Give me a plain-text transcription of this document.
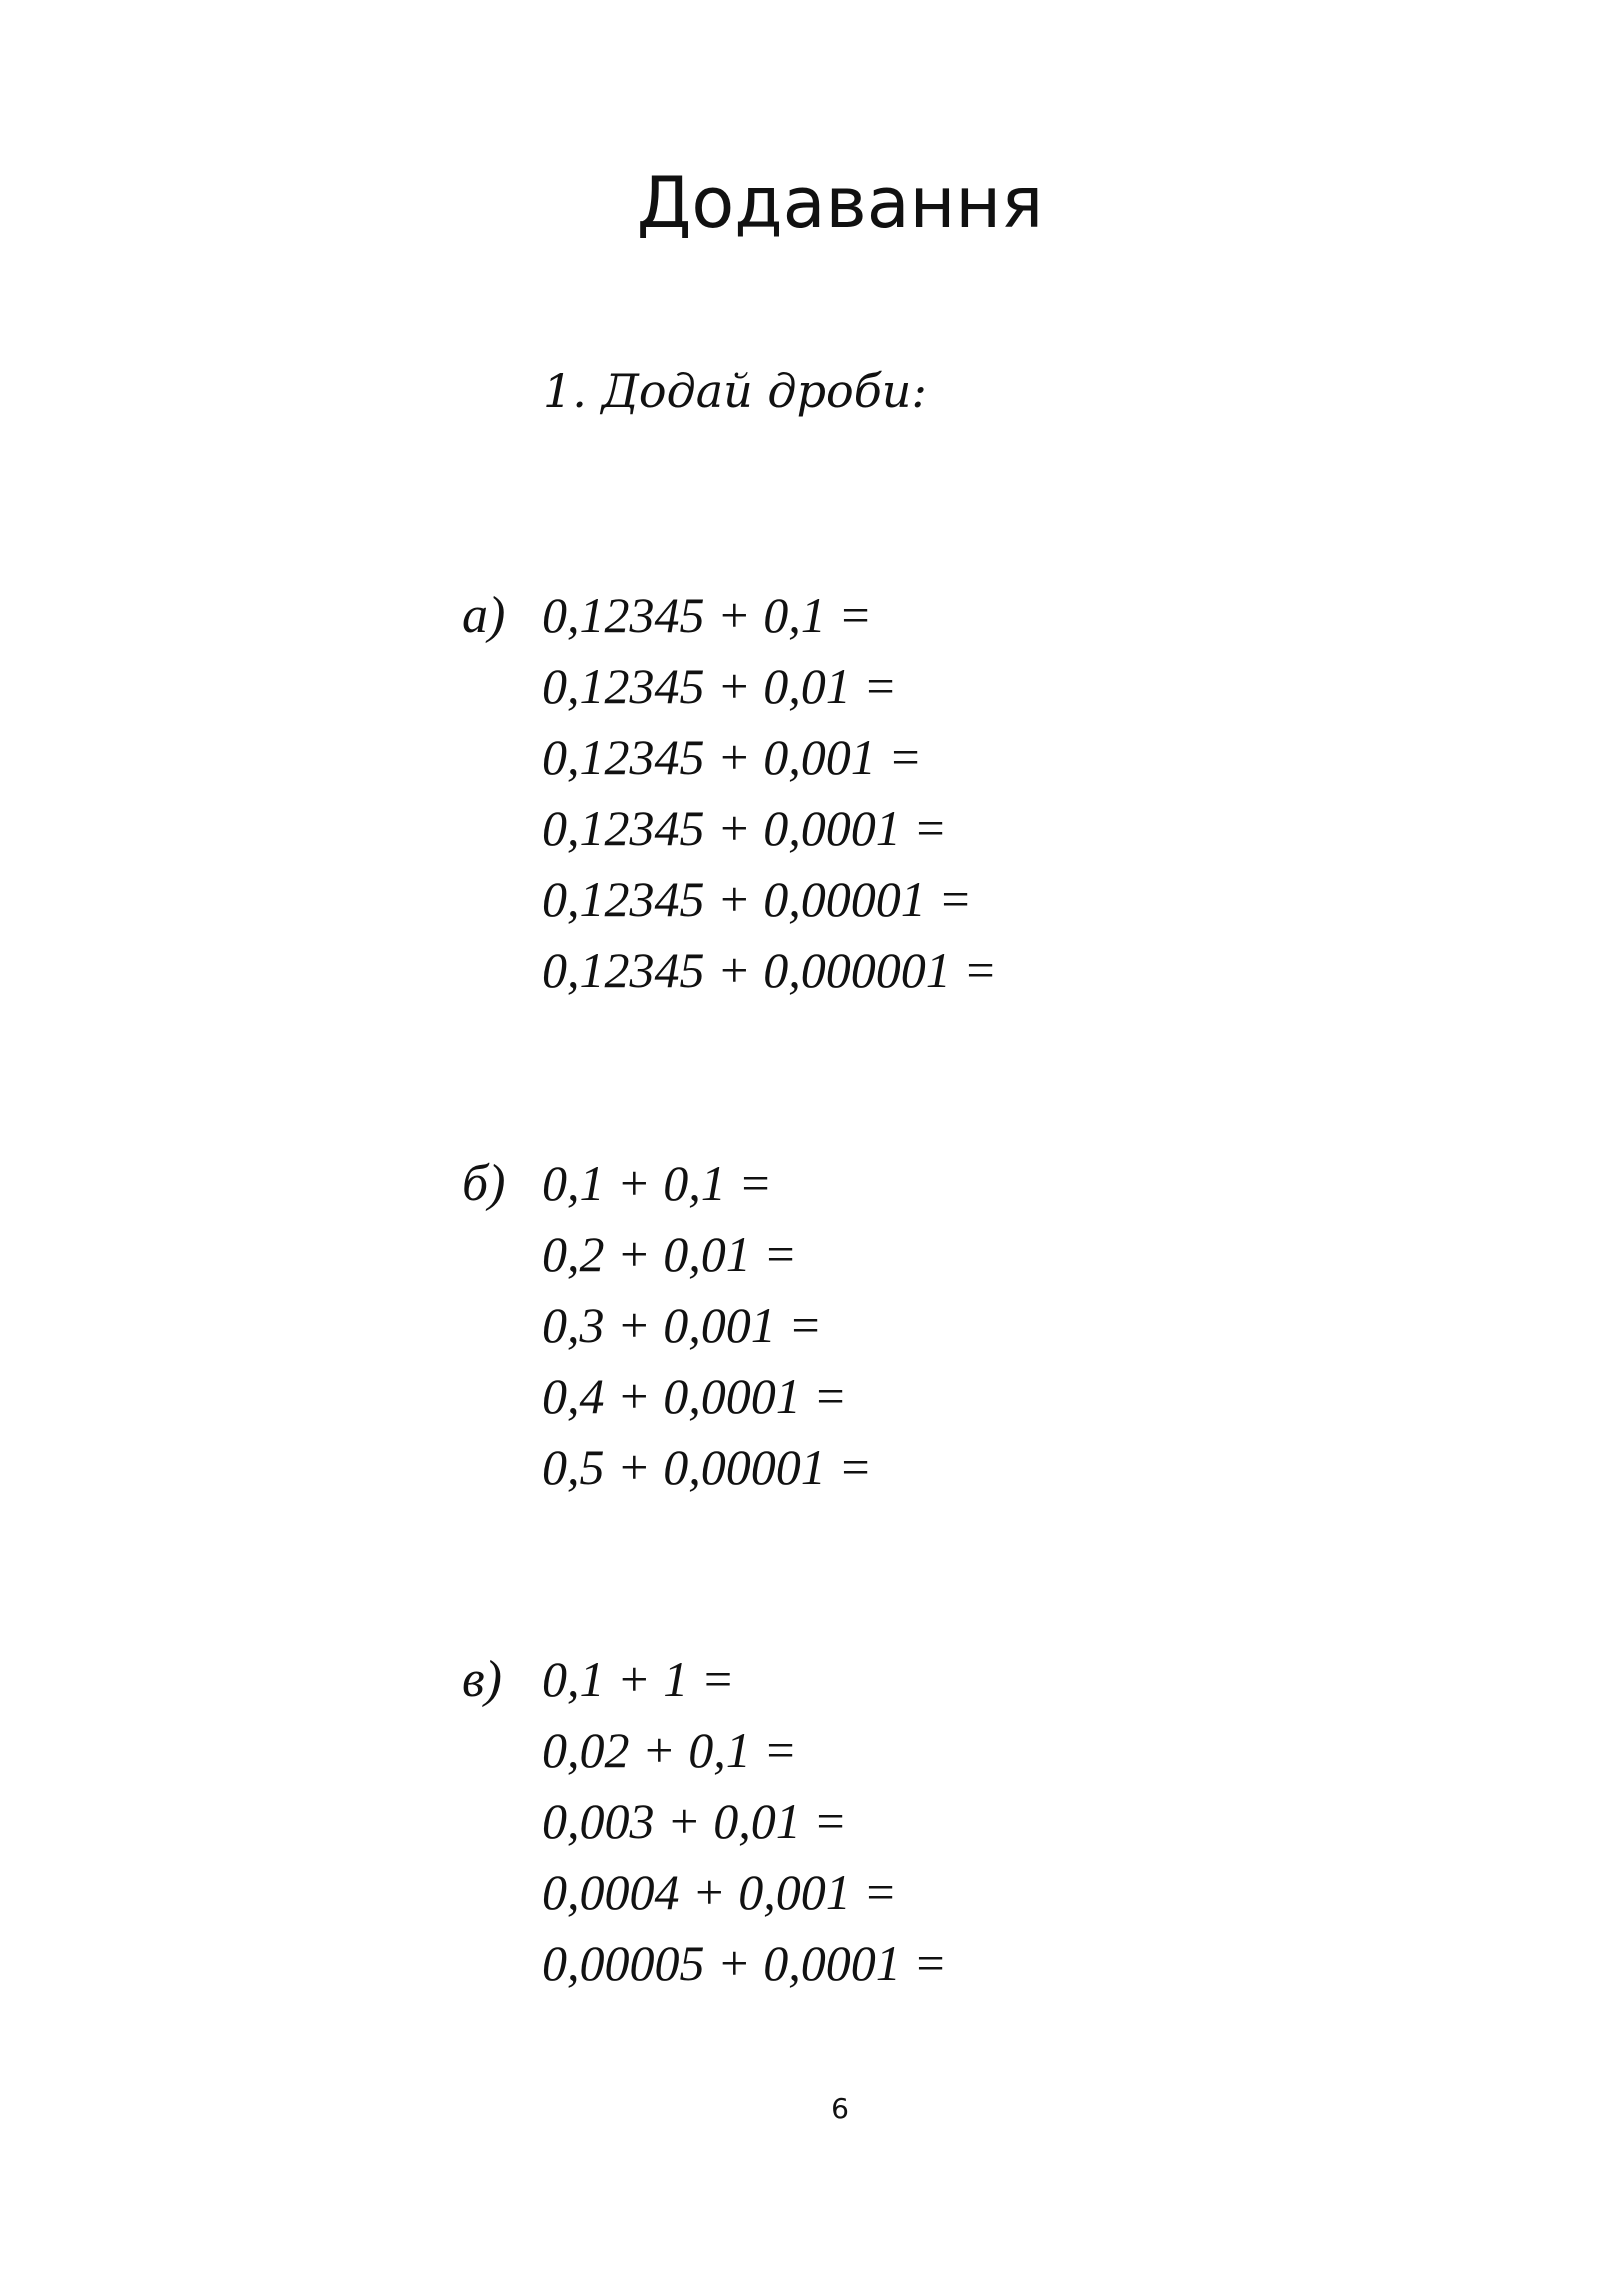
Додавання

1. Додай дроби:

а) 0,12345 + 0,1 =
0,12345 + 0,01 =
0,12345 + 0,001 =
0,12345 + 0,0001 =
0,12345 + 0,00001 =
0,12345 + 0,000001 =
б) 0,1 + 0,1 =
0,2 + 0,01 =
0,3 + 0,001 =
0,4 + 0,0001 =
0,5 + 0,00001 =
в) 0,1 + 1 =
0,02 + 0,1 =
0,003 + 0,01 =
0,0004 + 0,001 =
0,00005 + 0,0001 =
6
